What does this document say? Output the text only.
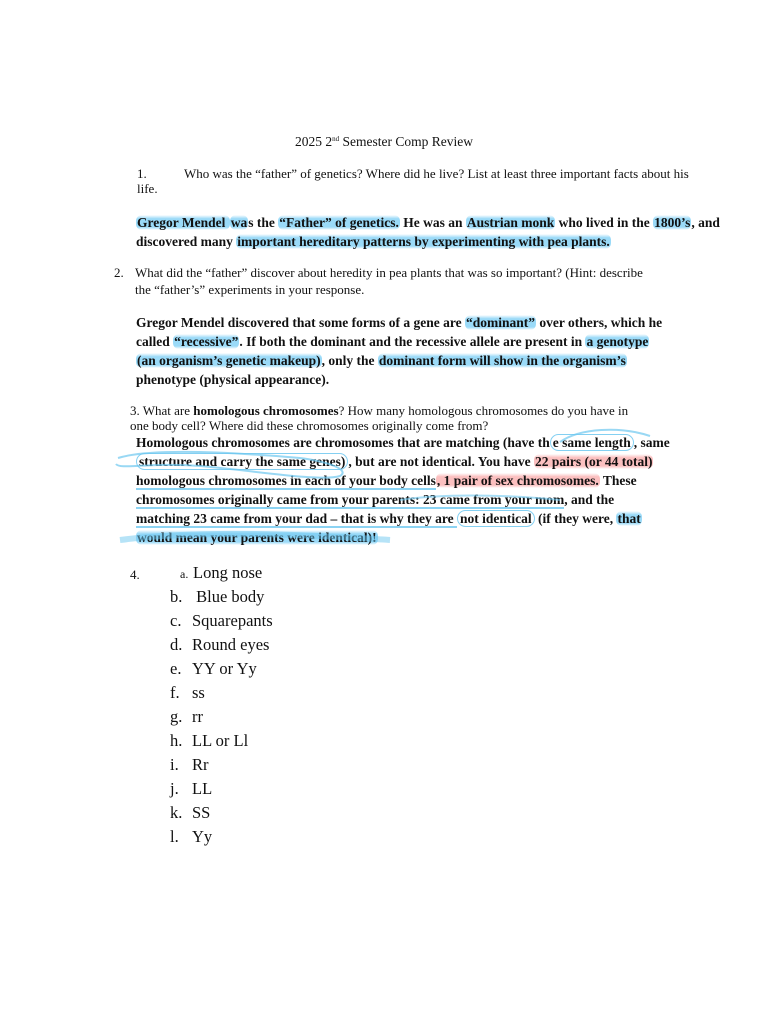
2025 2nd Semester Comp Review
1.	Who was the “father” of genetics? Where did he live? List at least three important facts about his
life.
Gregor Mendel was the “Father” of genetics. He was an Austrian monk who lived in the 1800’s, and
discovered many important hereditary patterns by experimenting with pea plants.
2. What did the “father” discover about heredity in pea plants that was so important? (Hint: describe
the “father’s” experiments in your response.
Gregor Mendel discovered that some forms of a gene are “dominant” over others, which he
called “recessive”. If both the dominant and the recessive allele are present in a genotype
(an organism’s genetic makeup), only the dominant form will show in the organism’s
phenotype (physical appearance).
3. What are homologous chromosomes? How many homologous chromosomes do you have in
one body cell? Where did these chromosomes originally come from?
Homologous chromosomes are chromosomes that are matching (have th e same length , same
structure and carry the same genes) , but are not identical. You have 22 pairs (or 44 total)
homologous chromosomes in each of your body cells, 1 pair of sex chromosomes. These
chromosomes originally came from your parents: 23 came from your mom, and the
matching 23 came from your dad – that is why they are not identical (if they were, that
would mean your parents were identical)!
4.	a. Long nose
b. Blue body
c. Squarepants
d. Round eyes
e. YY or Yy
f. ss
g. rr
h. LL or Ll
i. Rr
j. LL
k. SS
l. Yy
